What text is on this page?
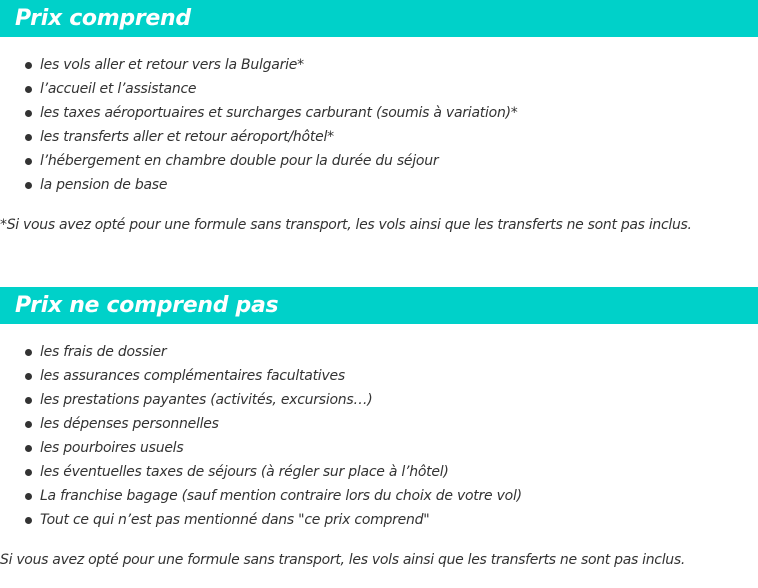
Prix comprend
les vols aller et retour vers la Bulgarie*
l’accueil et l’assistance
les taxes aéroportuaires et surcharges carburant (soumis à variation)*
les transferts aller et retour aéroport/hôtel*
l’hébergement en chambre double pour la durée du séjour
la pension de base

*Si vous avez opté pour une formule sans transport, les vols ainsi que les transferts ne sont pas inclus.

Prix ne comprend pas
les frais de dossier
les assurances complémentaires facultatives
les prestations payantes (activités, excursions…)
les dépenses personnelles
les pourboires usuels
les éventuelles taxes de séjours (à régler sur place à l’hôtel)
La franchise bagage (sauf mention contraire lors du choix de votre vol)
Tout ce qui n’est pas mentionné dans "ce prix comprend"

Si vous avez opté pour une formule sans transport, les vols ainsi que les transferts ne sont pas inclus.
